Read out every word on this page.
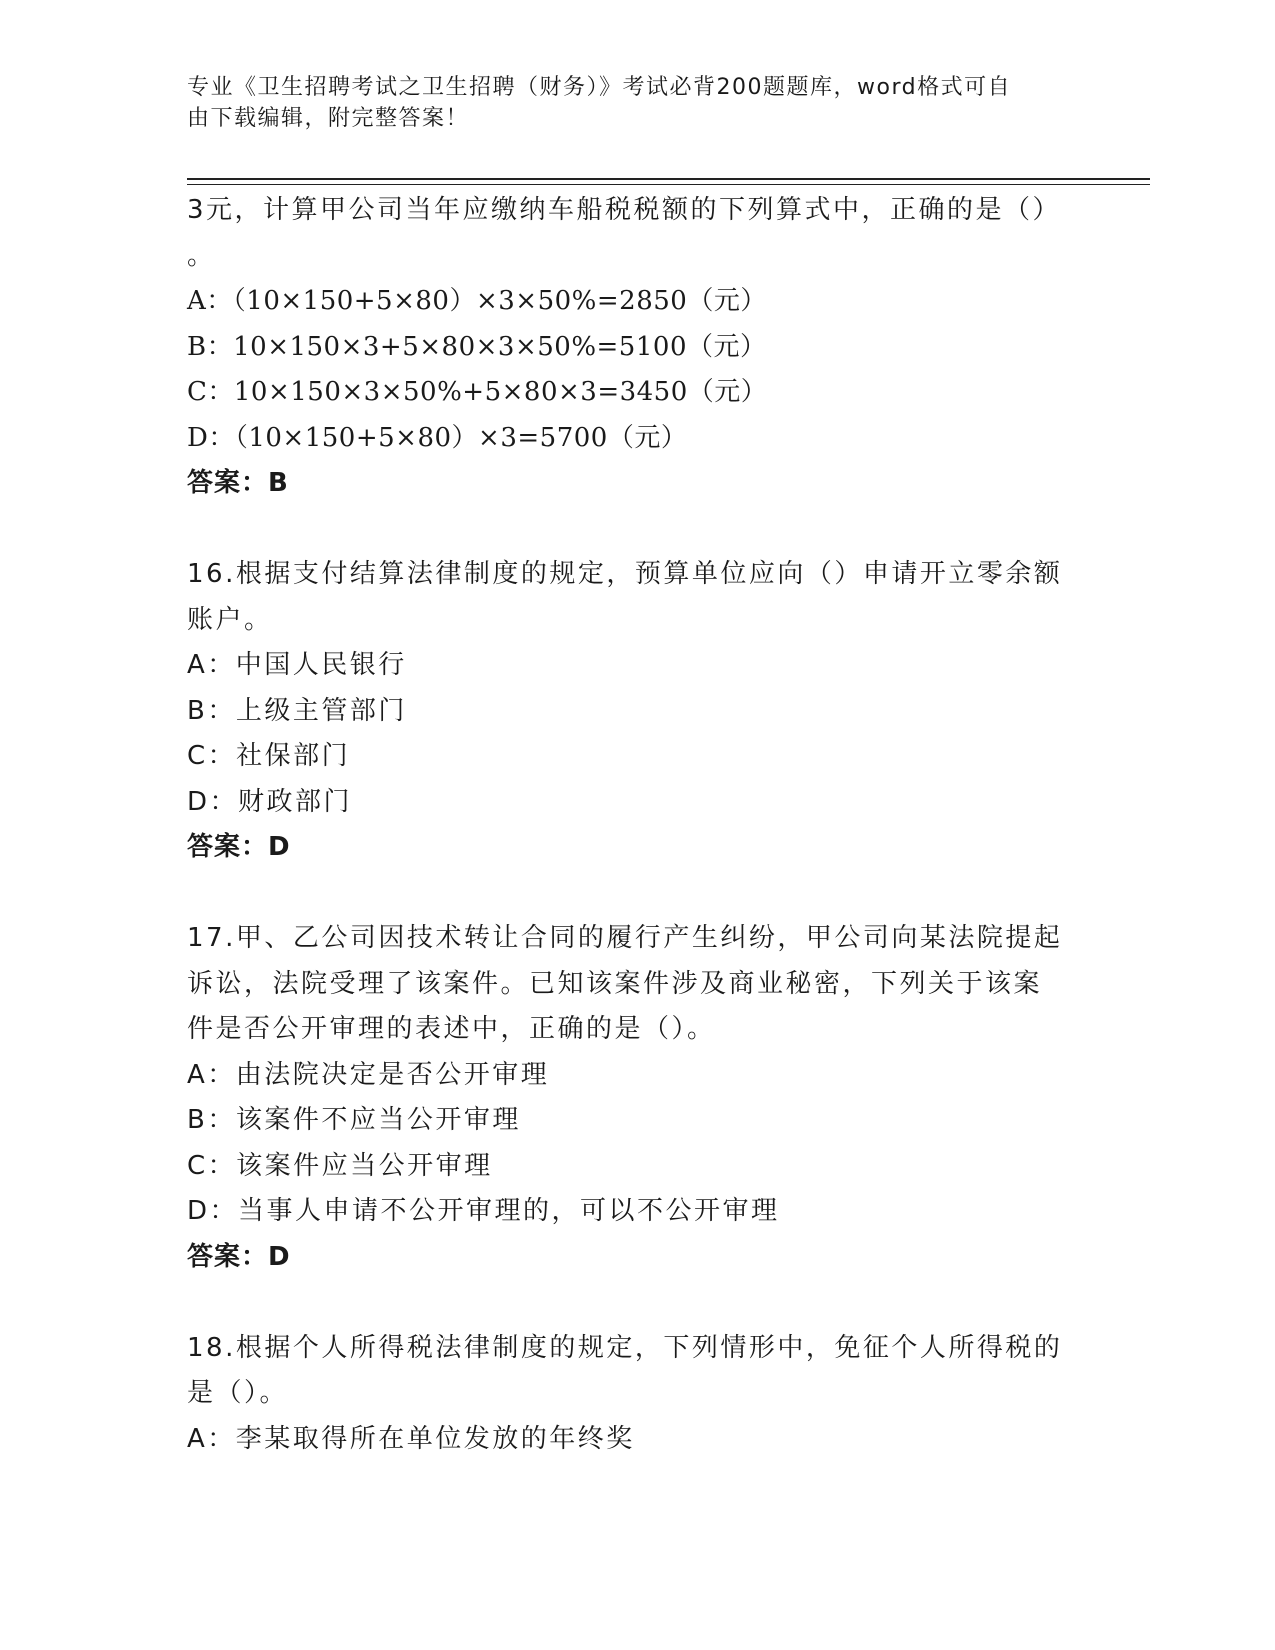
专业《卫生招聘考试之卫生招聘（财务）》考试必背200题题库，word格式可自
由下载编辑，附完整答案！
3元，计算甲公司当年应缴纳车船税税额的下列算式中，正确的是（）
。
A：（10×150+5×80）×3×50%=2850（元）
B：10×150×3+5×80×3×50%=5100（元）
C：10×150×3×50%+5×80×3=3450（元）
D：（10×150+5×80）×3=5700（元）
答案：B
16.根据支付结算法律制度的规定，预算单位应向（）申请开立零余额
账户。
A：中国人民银行
B：上级主管部门
C：社保部门
D：财政部门
答案：D
17.甲、乙公司因技术转让合同的履行产生纠纷，甲公司向某法院提起
诉讼，法院受理了该案件。已知该案件涉及商业秘密，下列关于该案
件是否公开审理的表述中，正确的是（）。
A：由法院决定是否公开审理
B：该案件不应当公开审理
C：该案件应当公开审理
D：当事人申请不公开审理的，可以不公开审理
答案：D
18.根据个人所得税法律制度的规定，下列情形中，免征个人所得税的
是（）。
A：李某取得所在单位发放的年终奖
